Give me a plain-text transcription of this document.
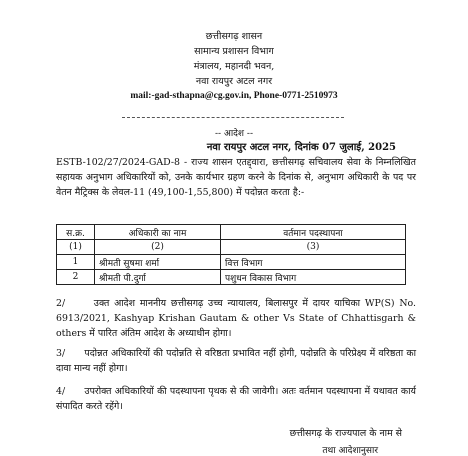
छत्तीसगढ़ शासन
सामान्य प्रशासन विभाग
मंत्रालय, महानदी भवन,
नवा रायपुर अटल नगर
mail:-gad-sthapna@cg.gov.in, Phone-0771-2510973
-- आदेश --
नवा रायपुर अटल नगर, दिनांक 07 जुलाई, 2025
ESTB-102/27/2024-GAD-8 - राज्य शासन एतद्द्वारा, छत्तीसगढ़ सचिवालय सेवा के निम्नलिखित सहायक अनुभाग अधिकारियों को, उनके कार्यभार ग्रहण करने के दिनांक से, अनुभाग अधिकारी के पद पर वेतन मैट्रिक्स के लेवल-11 (49,100-1,55,800) में पदोन्नत करता है:-
स.क्र.	अधिकारी का नाम	वर्तमान पदस्थापना
(1)	(2)	(3)
1	श्रीमती सुषमा शर्मा	वित्त विभाग
2	श्रीमती पी.दुर्गा	पशुधन विकास विभाग
2/      उक्त आदेश माननीय छत्तीसगढ़ उच्च न्यायालय, बिलासपुर में दायर याचिका WP(S) No. 6913/2021, Kashyap Krishan Gautam & other Vs State of Chhattisgarh & others में पारित अंतिम आदेश के अध्याधीन होगा।
3/      पदोन्नत अधिकारियों की पदोन्नति से वरिष्ठता प्रभावित नहीं होगी, पदोन्नति के परिप्रेक्ष्य में वरिष्ठता का दावा मान्य नहीं होगा।
4/      उपरोक्त अधिकारियों की पदस्थापना पृथक से की जावेगी। अतः वर्तमान पदस्थापना में यथावत कार्य संपादित करते रहेंगे।
छत्तीसगढ़ के राज्यपाल के नाम से
तथा आदेशानुसार
